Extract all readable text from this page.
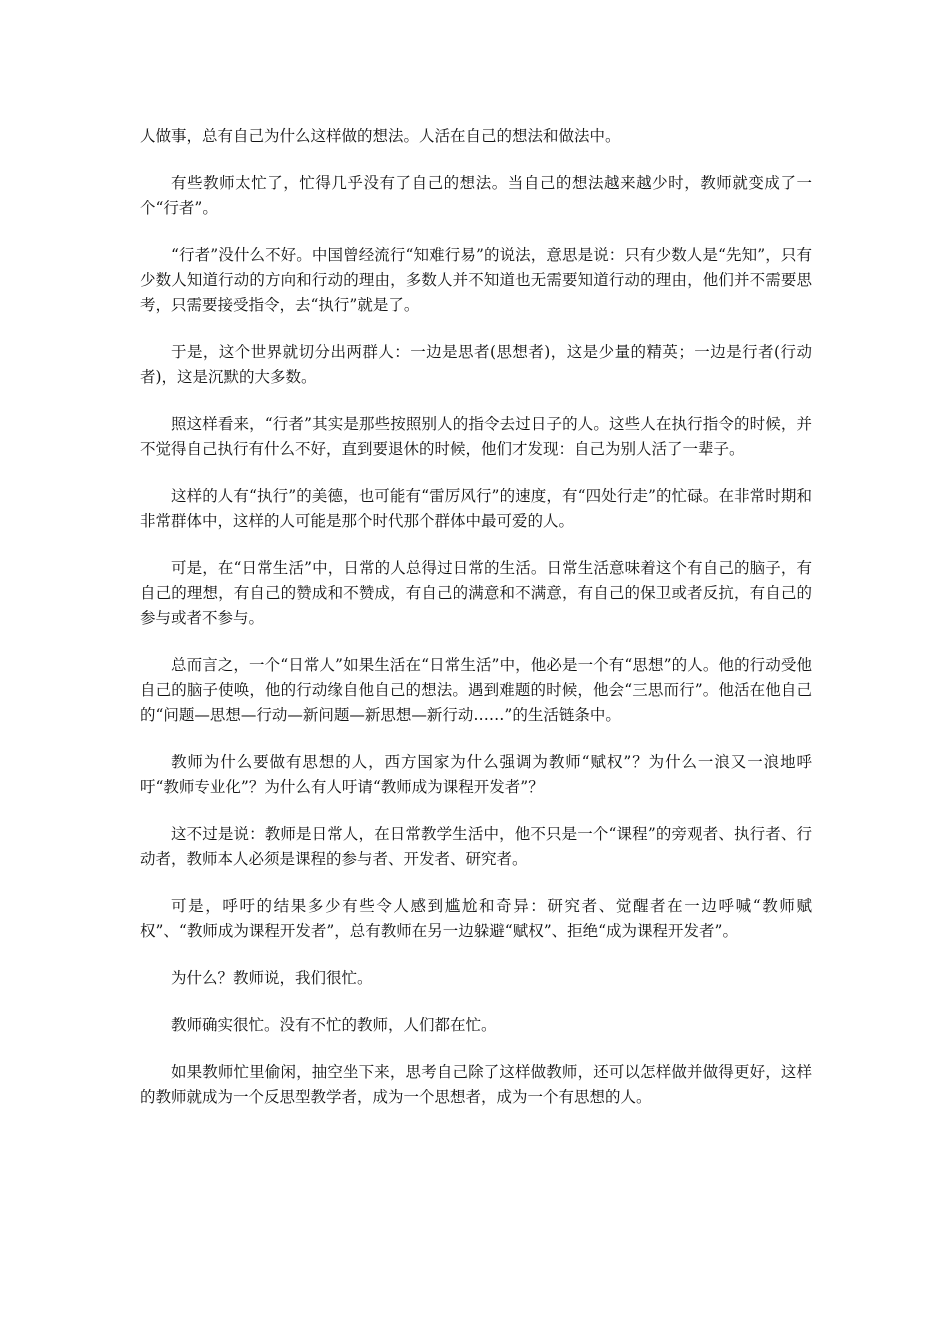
人做事，总有自己为什么这样做的想法。人活在自己的想法和做法中。

有些教师太忙了，忙得几乎没有了自己的想法。当自己的想法越来越少时，教师就变成了一个“行者”。

“行者”没什么不好。中国曾经流行“知难行易”的说法，意思是说：只有少数人是“先知”，只有少数人知道行动的方向和行动的理由，多数人并不知道也无需要知道行动的理由，他们并不需要思考，只需要接受指令，去“执行”就是了。

于是，这个世界就切分出两群人：一边是思者(思想者)，这是少量的精英；一边是行者(行动者)，这是沉默的大多数。

照这样看来，“行者”其实是那些按照别人的指令去过日子的人。这些人在执行指令的时候，并不觉得自己执行有什么不好，直到要退休的时候，他们才发现：自己为别人活了一辈子。

这样的人有“执行”的美德，也可能有“雷厉风行”的速度，有“四处行走”的忙碌。在非常时期和非常群体中，这样的人可能是那个时代那个群体中最可爱的人。

可是，在“日常生活”中，日常的人总得过日常的生活。日常生活意味着这个有自己的脑子，有自己的理想，有自己的赞成和不赞成，有自己的满意和不满意，有自己的保卫或者反抗，有自己的参与或者不参与。

总而言之，一个“日常人”如果生活在“日常生活”中，他必是一个有“思想”的人。他的行动受他自己的脑子使唤，他的行动缘自他自己的想法。遇到难题的时候，他会“三思而行”。他活在他自己的“问题—思想—行动—新问题—新思想—新行动……”的生活链条中。

教师为什么要做有思想的人，西方国家为什么强调为教师“赋权”？为什么一浪又一浪地呼吁“教师专业化”？为什么有人吁请“教师成为课程开发者”？

这不过是说：教师是日常人，在日常教学生活中，他不只是一个“课程”的旁观者、执行者、行动者，教师本人必须是课程的参与者、开发者、研究者。

可是，呼吁的结果多少有些令人感到尴尬和奇异：研究者、觉醒者在一边呼喊“教师赋权”、“教师成为课程开发者”，总有教师在另一边躲避“赋权”、拒绝“成为课程开发者”。

为什么？教师说，我们很忙。

教师确实很忙。没有不忙的教师，人们都在忙。

如果教师忙里偷闲，抽空坐下来，思考自己除了这样做教师，还可以怎样做并做得更好，这样的教师就成为一个反思型教学者，成为一个思想者，成为一个有思想的人。
